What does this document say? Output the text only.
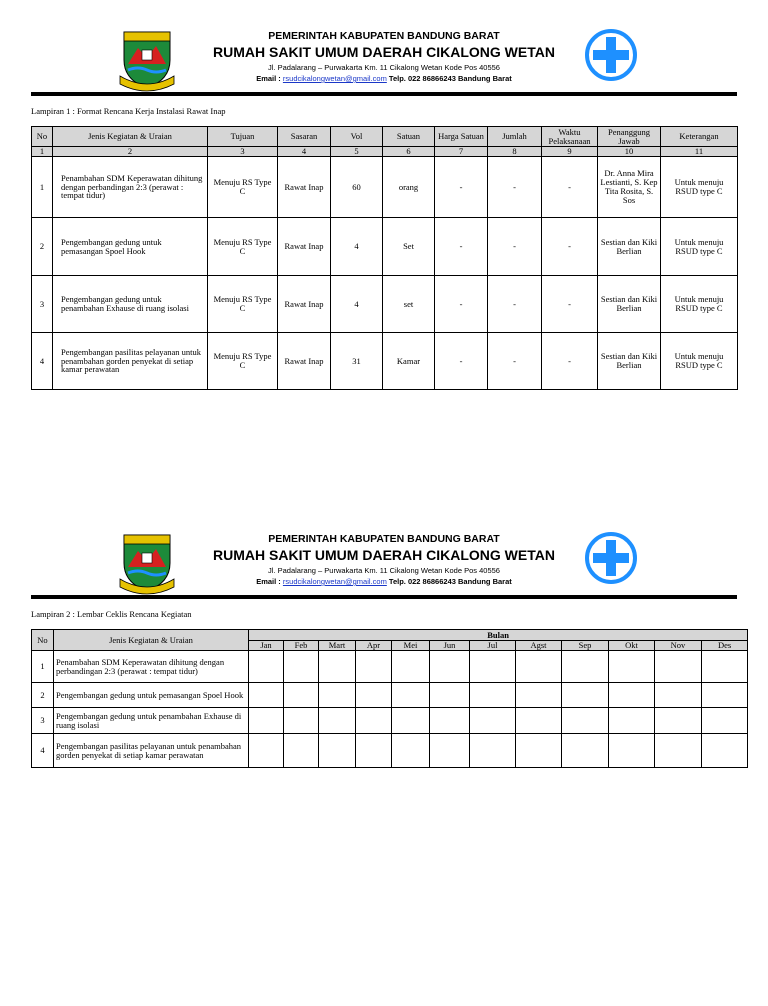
PEMERINTAH KABUPATEN BANDUNG BARAT
RUMAH SAKIT UMUM DAERAH CIKALONG WETAN
Jl. Padalarang – Purwakarta Km. 11 Cikalong Wetan Kode Pos 40556
Email : rsudcikalongwetan@gmail.com Telp. 022 86866243 Bandung Barat
Lampiran 1 : Format Rencana Kerja Instalasi Rawat Inap
No	Jenis Kegiatan & Uraian	Tujuan	Sasaran	Vol	Satuan	Harga Satuan	Jumlah	Waktu Pelaksanaan	Penanggung Jawab	Keterangan
1	2	3	4	5	6	7	8	9	10	11
1	Penambahan SDM Keperawatan dihitung dengan perbandingan 2:3 (perawat : tempat tidur)	Menuju RS Type C	Rawat Inap	60	orang	-	-	-	Dr. Anna Mira Lestianti, S. Kep Tita Rosita, S. Sos	Untuk menuju RSUD type C
2	Pengembangan gedung untuk pemasangan Spoel Hook	Menuju RS Type C	Rawat Inap	4	Set	-	-	-	Sestian dan Kiki Berlian	Untuk menuju RSUD type C
3	Pengembangan gedung untuk penambahan Exhause di ruang isolasi	Menuju RS Type C	Rawat Inap	4	set	-	-	-	Sestian dan Kiki Berlian	Untuk menuju RSUD type C
4	Pengembangan pasilitas pelayanan untuk penambahan gorden penyekat di setiap kamar perawatan	Menuju RS Type C	Rawat Inap	31	Kamar	-	-	-	Sestian dan Kiki Berlian	Untuk menuju RSUD type C
PEMERINTAH KABUPATEN BANDUNG BARAT
RUMAH SAKIT UMUM DAERAH CIKALONG WETAN
Jl. Padalarang – Purwakarta Km. 11 Cikalong Wetan Kode Pos 40556
Email : rsudcikalongwetan@gmail.com Telp. 022 86866243 Bandung Barat
Lampiran 2 : Lembar Ceklis Rencana Kegiatan
No	Jenis Kegiatan & Uraian	Bulan											
		Jan	Feb	Mart	Apr	Mei	Jun	Jul	Agst	Sep	Okt	Nov	Des
1	Penambahan SDM Keperawatan dihitung dengan perbandingan 2:3 (perawat : tempat tidur)												
2	Pengembangan gedung untuk pemasangan Spoel Hook												
3	Pengembangan gedung untuk penambahan Exhause di ruang isolasi												
4	Pengembangan pasilitas pelayanan untuk penambahan gorden penyekat di setiap kamar perawatan												
